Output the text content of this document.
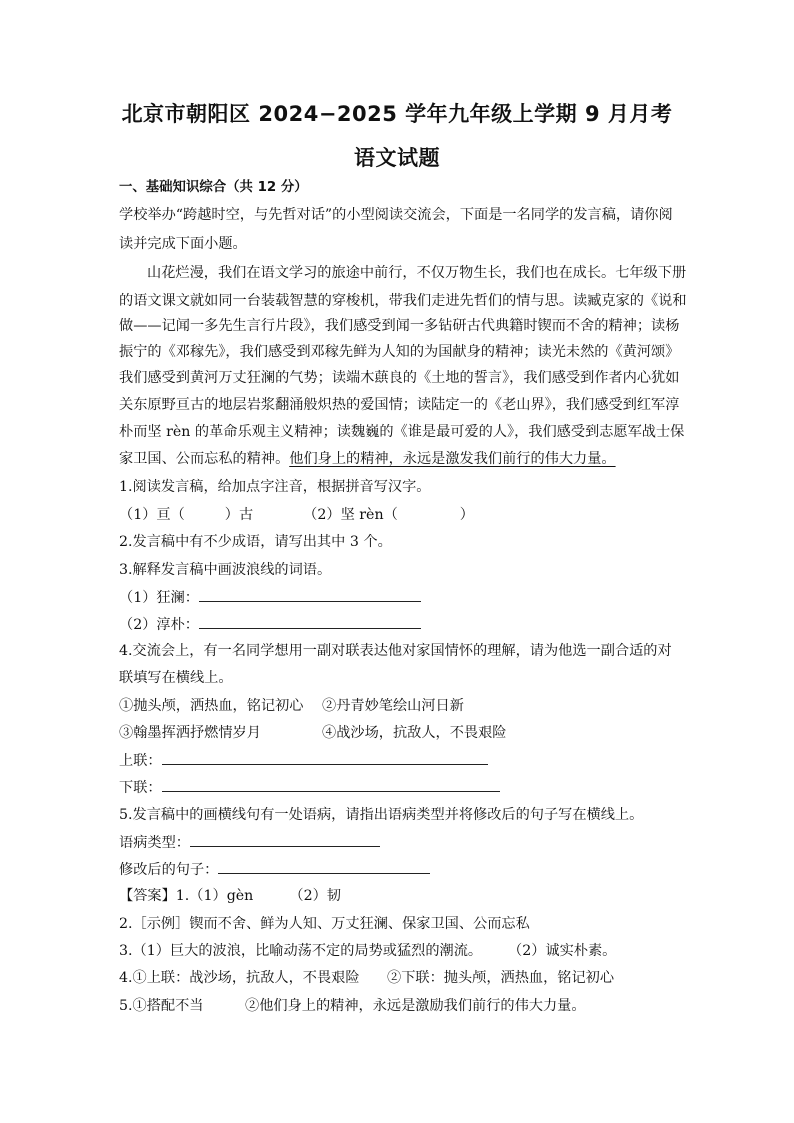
北京市朝阳区 2024−2025 学年九年级上学期 9 月月考
语文试题
一、基础知识综合（共 12 分）
学校举办“跨越时空，与先哲对话”的小型阅读交流会，下面是一名同学的发言稿，请你阅
读并完成下面小题。
山花烂漫，我们在语文学习的旅途中前行，不仅万物生长，我们也在成长。七年级下册
的语文课文就如同一台装载智慧的穿梭机，带我们走进先哲们的情与思。读臧克家的《说和
做——记闻一多先生言行片段》，我们感受到闻一多钻研古代典籍时锲而不舍的精神；读杨
振宁的《邓稼先》，我们感受到邓稼先鲜为人知的为国献身的精神；读光未然的《黄河颂》
我们感受到黄河万丈狂澜的气势；读端木蕻良的《土地的誓言》，我们感受到作者内心犹如
关东原野亘古的地层岩浆翻涌般炽热的爱国情；读陆定一的《老山界》，我们感受到红军淳
朴而坚 rèn 的革命乐观主义精神；读魏巍的《谁是最可爱的人》，我们感受到志愿军战士保
家卫国、公而忘私的精神。他们身上的精神，永远是激发我们前行的伟大力量。
1.阅读发言稿，给加点字注音，根据拼音写汉字。
（1）亘（	）古	（2）坚 rèn（	）
2.发言稿中有不少成语，请写出其中 3 个。
3.解释发言稿中画波浪线的词语。
（1）狂澜：
（2）淳朴：
4.交流会上，有一名同学想用一副对联表达他对家国情怀的理解，请为他选一副合适的对
联填写在横线上。
①抛头颅，洒热血，铭记初心 ②丹青妙笔绘山河日新
③翰墨挥洒抒燃情岁月	④战沙场，抗敌人，不畏艰险
上联：
下联：
5.发言稿中的画横线句有一处语病，请指出语病类型并将修改后的句子写在横线上。
语病类型：
修改后的句子：
【答案】1.（1）gèn        （2）韧
2.［示例］锲而不舍、鲜为人知、万丈狂澜、保家卫国、公而忘私
3.（1）巨大的波浪，比喻动荡不定的局势或猛烈的潮流。 （2）诚实朴素。
4.①上联：战沙场，抗敌人，不畏艰险 ②下联：抛头颅，洒热血，铭记初心
5.①搭配不当	②他们身上的精神，永远是激励我们前行的伟大力量。
